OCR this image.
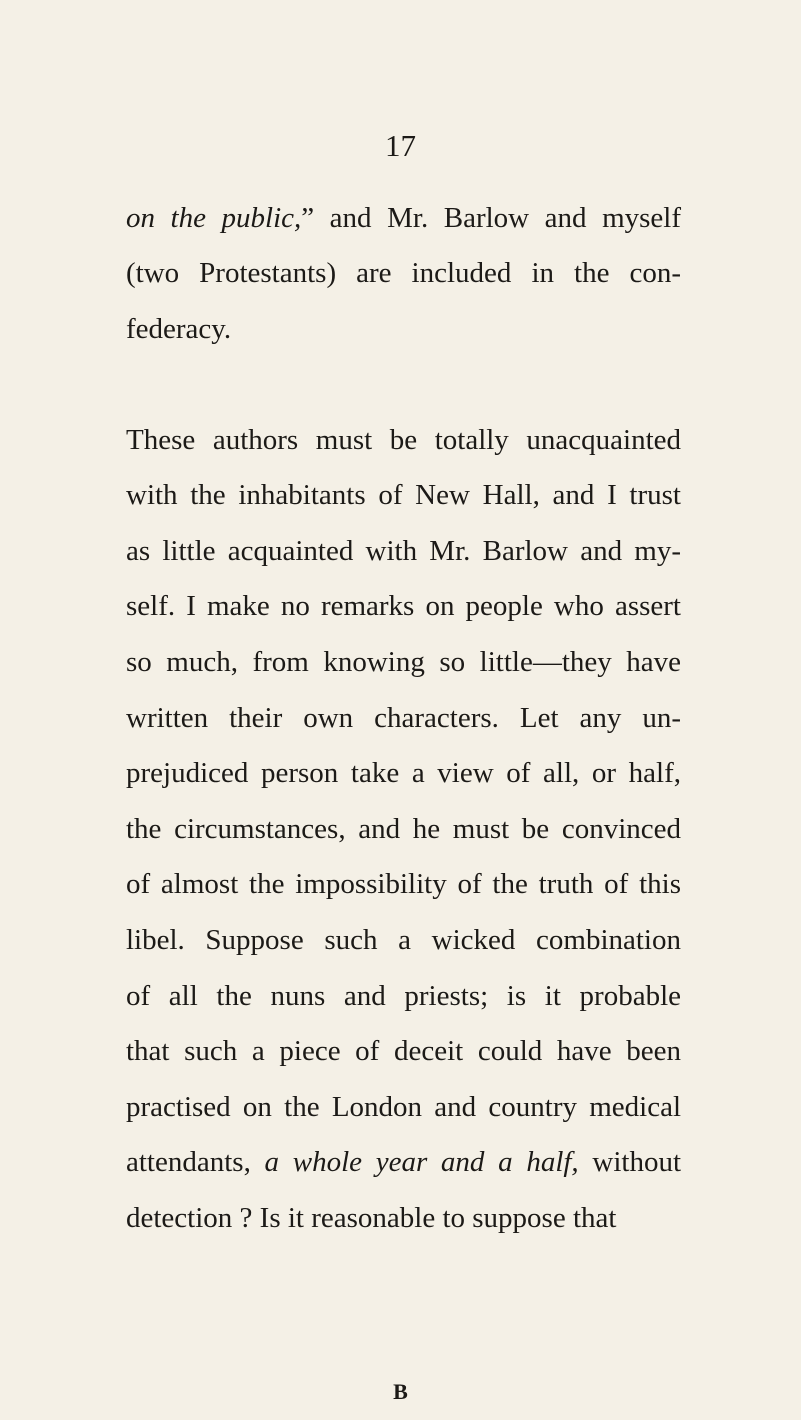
17
on the public,” and Mr. Barlow and myself
(two Protestants) are included in the con-
federacy.
These authors must be totally unacquainted
with the inhabitants of New Hall, and I trust
as little acquainted with Mr. Barlow and my-
self. I make no remarks on people who assert
so much, from knowing so little—they have
written their own characters. Let any un-
prejudiced person take a view of all, or half,
the circumstances, and he must be convinced
of almost the impossibility of the truth of this
libel. Suppose such a wicked combination
of all the nuns and priests; is it probable
that such a piece of deceit could have been
practised on the London and country medical
attendants, a whole year and a half, without
detection ? Is it reasonable to suppose that
B
